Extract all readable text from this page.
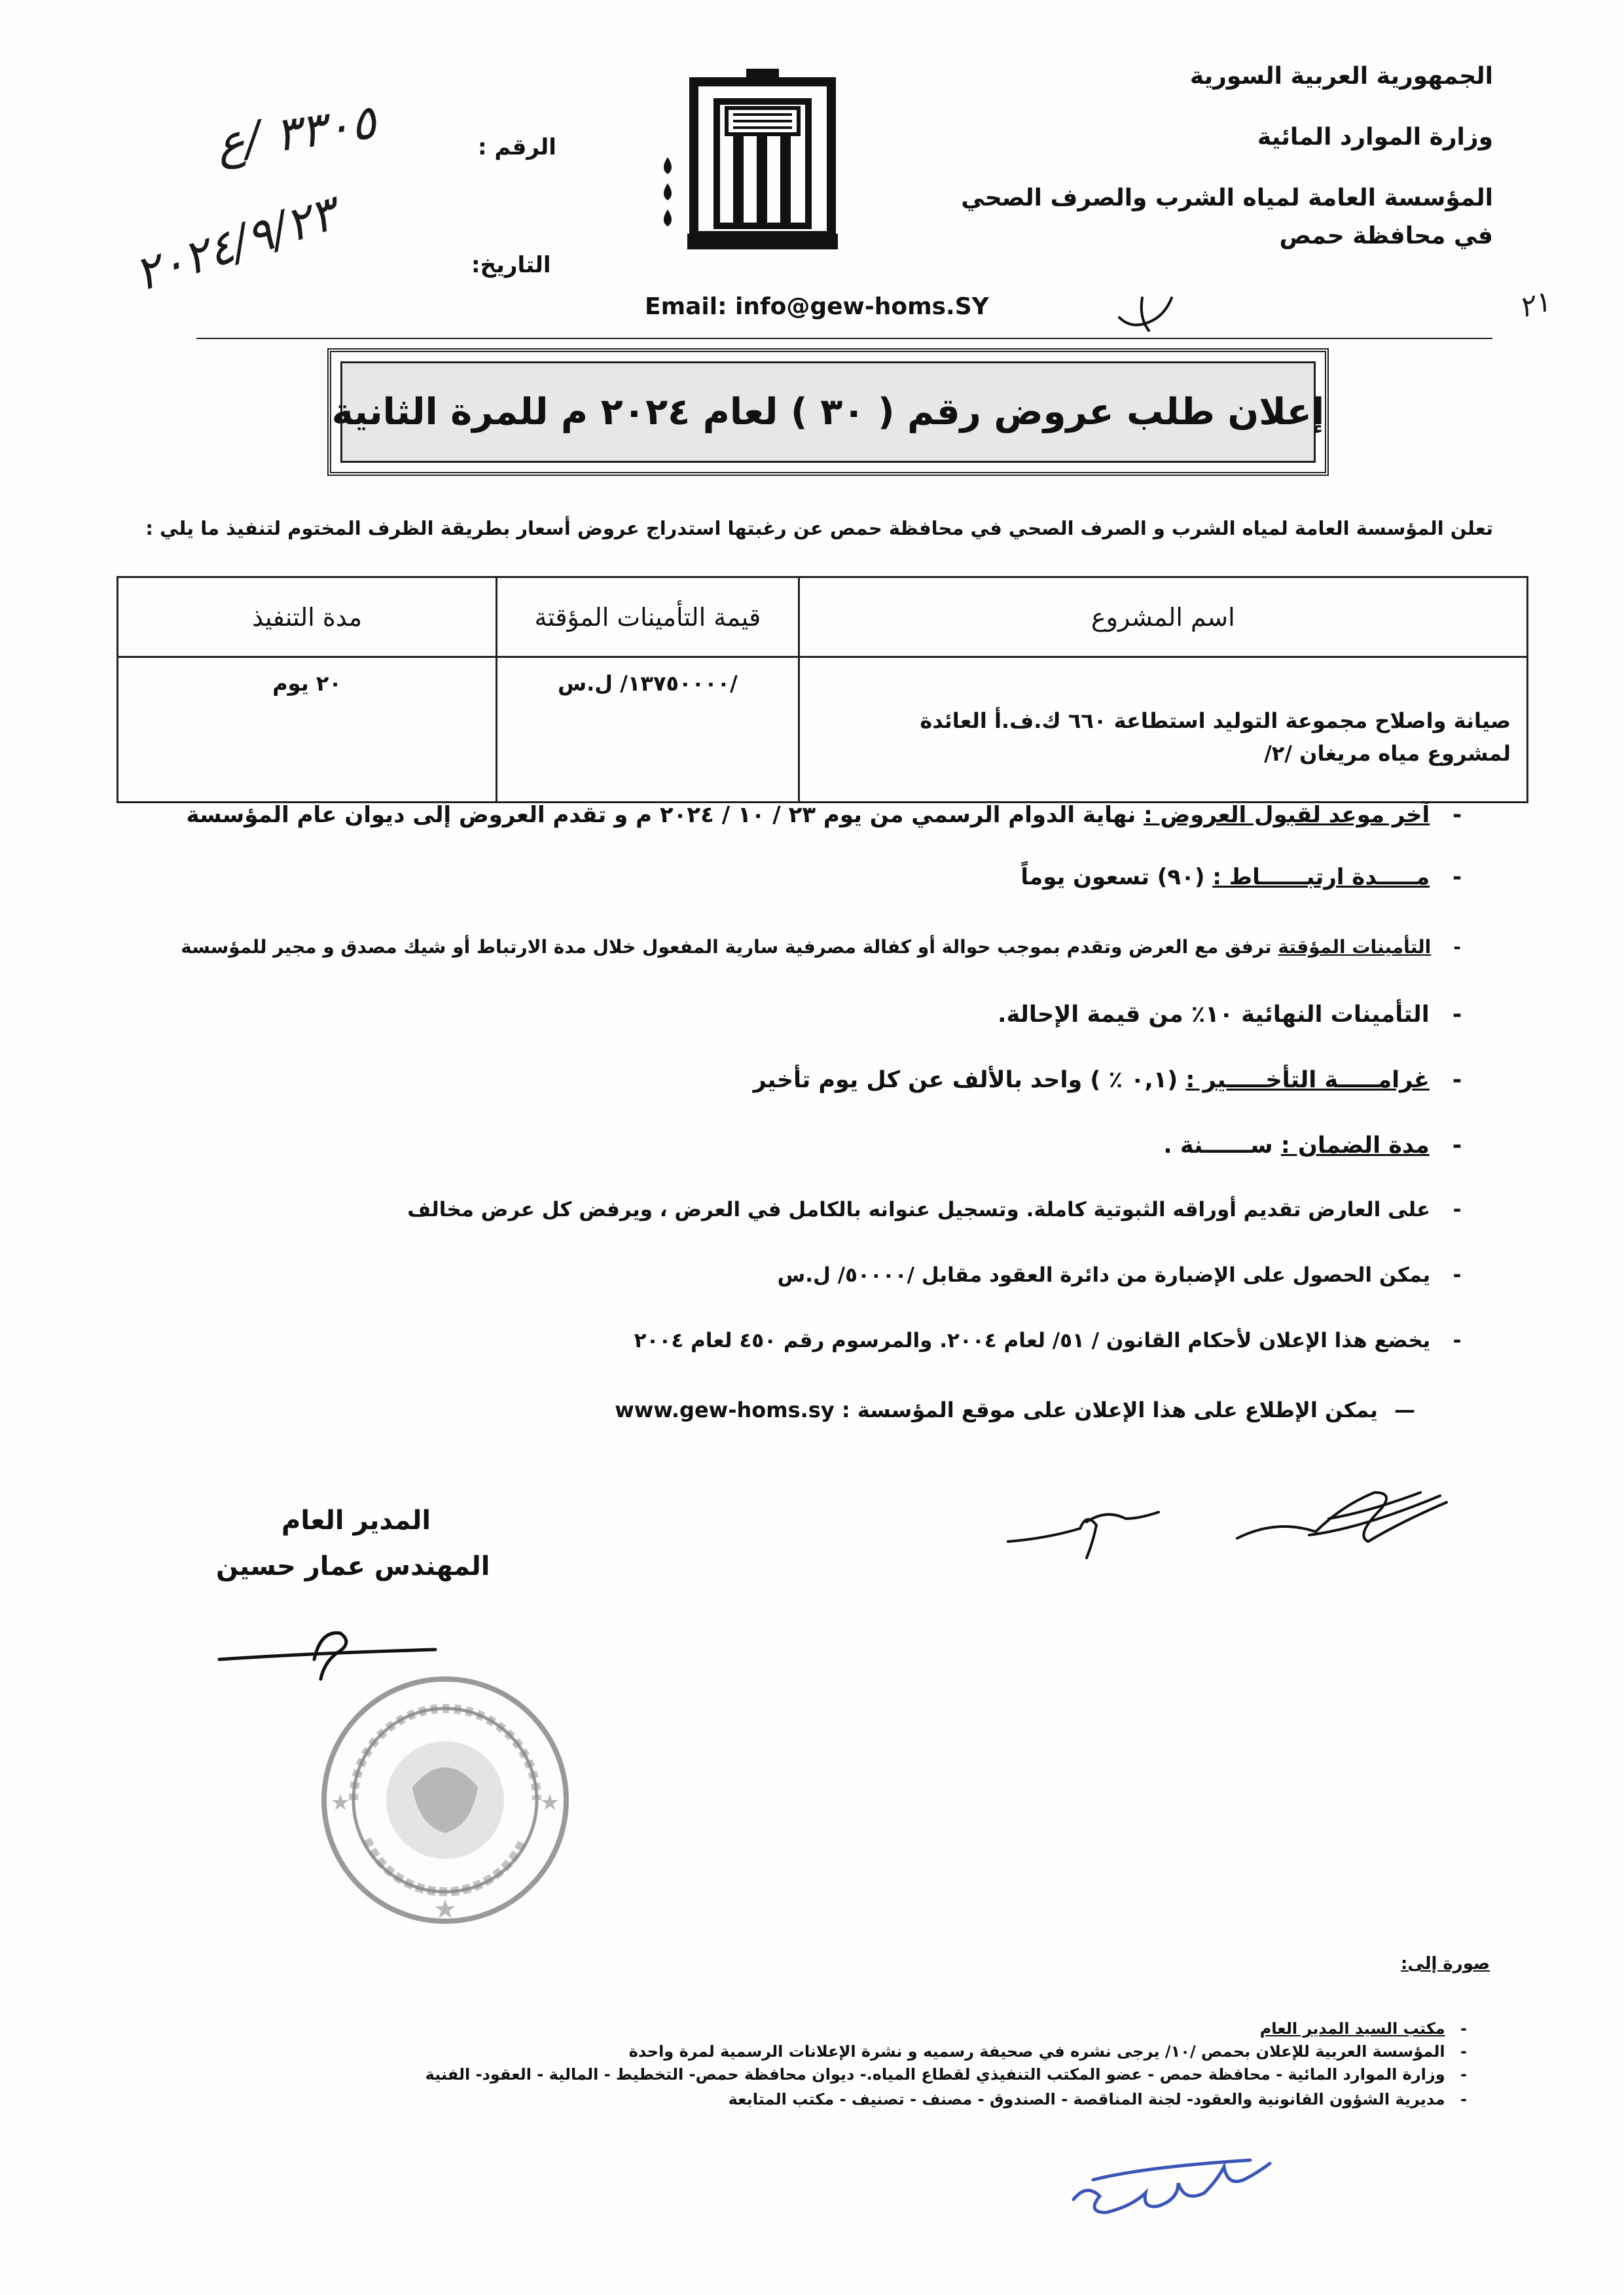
الجمهورية العربية السورية
وزارة الموارد المائية
المؤسسة العامة لمياه الشرب والصرف الصحي
في محافظة حمص
الرقم :
٣٣٠٥ /ع
التاريخ:
٢٠٢٤/٩/٢٣
Email: info@gew-homs.SY	٢١
إعلان طلب عروض رقم ( ٣٠ ) لعام ٢٠٢٤ م للمرة الثانية
تعلن المؤسسة العامة لمياه الشرب و الصرف الصحي في محافظة حمص عن رغبتها استدراج عروض أسعار بطريقة الظرف المختوم لتنفيذ ما يلي :
اسم المشروع	قيمة التأمينات المؤقتة	مدة التنفيذ

صيانة واصلاح مجموعة التوليد استطاعة ٦٦٠ ك.ف.أ العائدة
لمشروع مياه مريغان /٢/	/١٣٧٥٠٠٠٠/ ل.س	٢٠ يوم
- آخر موعد لقبول العروض : نهاية الدوام الرسمي من يوم ٢٣ / ١٠ / ٢٠٢٤ م و تقدم العروض إلى ديوان عام المؤسسة
- مـــــدة ارتبــــــاط : (٩٠) تسعون يوماً
- التأمينات المؤقتة ترفق مع العرض وتقدم بموجب حوالة أو كفالة مصرفية سارية المفعول خلال مدة الارتباط أو شيك مصدق و مجير للمؤسسة
- التأمينات النهائية ١٠٪ من قيمة الإحالة.
- غرامـــــة التأخـــــير : (٠,١ ٪ ) واحد بالألف عن كل يوم تأخير
- مدة الضمان : ســــــنة .
- على العارض تقديم أوراقه الثبوتية كاملة. وتسجيل عنوانه بالكامل في العرض ، ويرفض كل عرض مخالف
- يمكن الحصول على الإضبارة من دائرة العقود مقابل /٥٠٠٠٠/ ل.س
- يخضع هذا الإعلان لأحكام القانون / ٥١/ لعام ٢٠٠٤. والمرسوم رقم ٤٥٠ لعام ٢٠٠٤
— يمكن الإطلاع على هذا الإعلان على موقع المؤسسة : www.gew-homs.sy
المدير العام
المهندس عمار حسين
★
★	★
صورة إلى:
- مكتب السيد المدير العام
- المؤسسة العربية للإعلان بحمص /١٠/ يرجى نشره في صحيفة رسميه و نشرة الإعلانات الرسمية لمرة واحدة
- وزارة الموارد المائية - محافظة حمص - عضو المكتب التنفيذي لقطاع المياه.- ديوان محافظة حمص- التخطيط - المالية - العقود- الفنية
- مديرية الشؤون القانونية والعقود- لجنة المناقصة - الصندوق - مصنف - تصنيف - مكتب المتابعة
